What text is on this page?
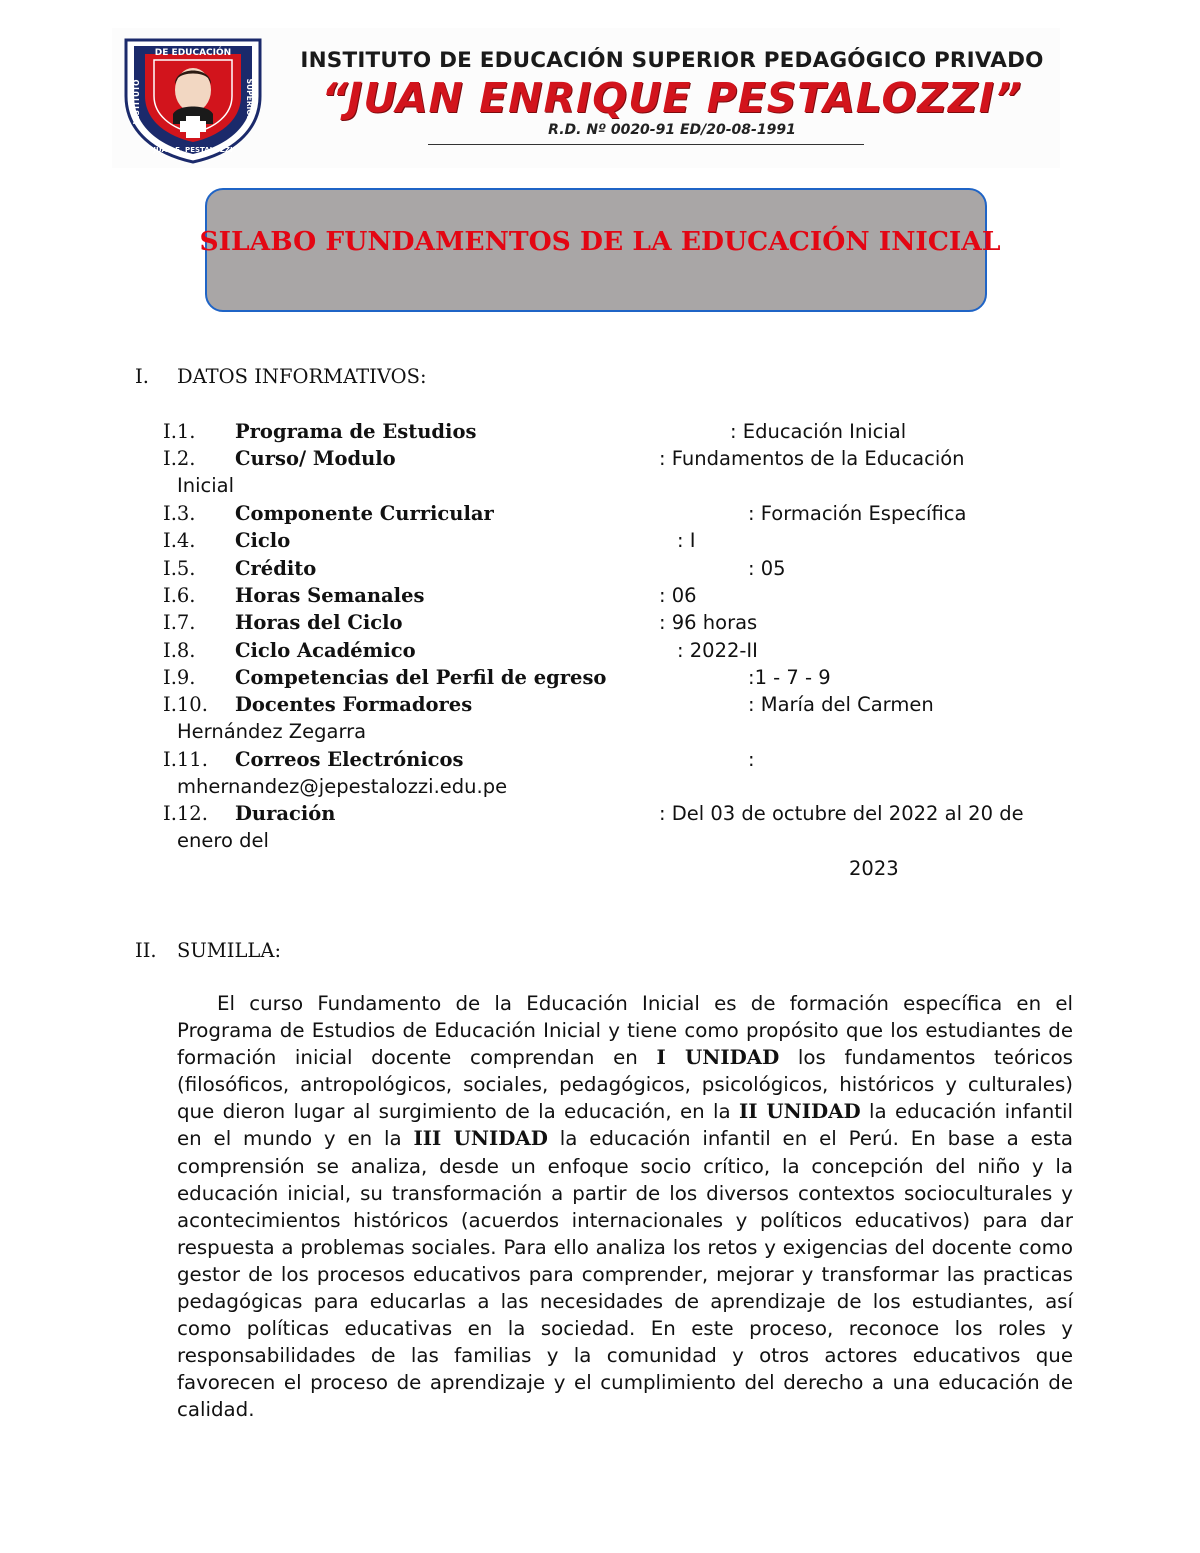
DE EDUCACIÓN
INSTITUTO	SUPERIOR
"JUAN E. PESTALOZZI"
INSTITUTO DE EDUCACIÓN SUPERIOR PEDAGÓGICO PRIVADO
“JUAN ENRIQUE PESTALOZZI”
R.D. Nº 0020-91 ED/20-08-1991
SILABO FUNDAMENTOS DE LA EDUCACIÓN INICIAL
I. DATOS INFORMATIVOS:
I.1. Programa de Estudios	: Educación Inicial
I.2. Curso/ Modulo	: Fundamentos de la Educación
Inicial
I.3. Componente Curricular	: Formación Específica
I.4. Ciclo	: I
I.5. Crédito	: 05
I.6. Horas Semanales	: 06
I.7. Horas del Ciclo	: 96 horas
I.8. Ciclo Académico	: 2022-II
I.9. Competencias del Perfil de egreso	:1 - 7 - 9
I.10. Docentes Formadores	: María del Carmen
Hernández Zegarra
I.11. Correos Electrónicos	:
mhernandez@jepestalozzi.edu.pe
I.12. Duración	: Del 03 de octubre del 2022 al 20 de
enero del
2023
II. SUMILLA:
El curso Fundamento de la Educación Inicial es de formación específica en el Programa de Estudios de Educación Inicial y tiene como propósito que los estudiantes de formación inicial docente comprendan en I UNIDAD los fundamentos teóricos (filosóficos, antropológicos, sociales, pedagógicos, psicológicos, históricos y culturales) que dieron lugar al surgimiento de la educación, en la II UNIDAD la educación infantil en el mundo y en la III UNIDAD la educación infantil en el Perú. En base a esta comprensión se analiza, desde un enfoque socio crítico, la concepción del niño y la educación inicial, su transformación a partir de los diversos contextos socioculturales y acontecimientos históricos (acuerdos internacionales y políticos educativos) para dar respuesta a problemas sociales. Para ello analiza los retos y exigencias del docente como gestor de los procesos educativos para comprender, mejorar y transformar las practicas pedagógicas para educarlas a las necesidades de aprendizaje de los estudiantes, así como políticas educativas en la sociedad. En este proceso, reconoce los roles y responsabilidades de las familias y la comunidad y otros actores educativos que favorecen el proceso de aprendizaje y el cumplimiento del derecho a una educación de calidad.
